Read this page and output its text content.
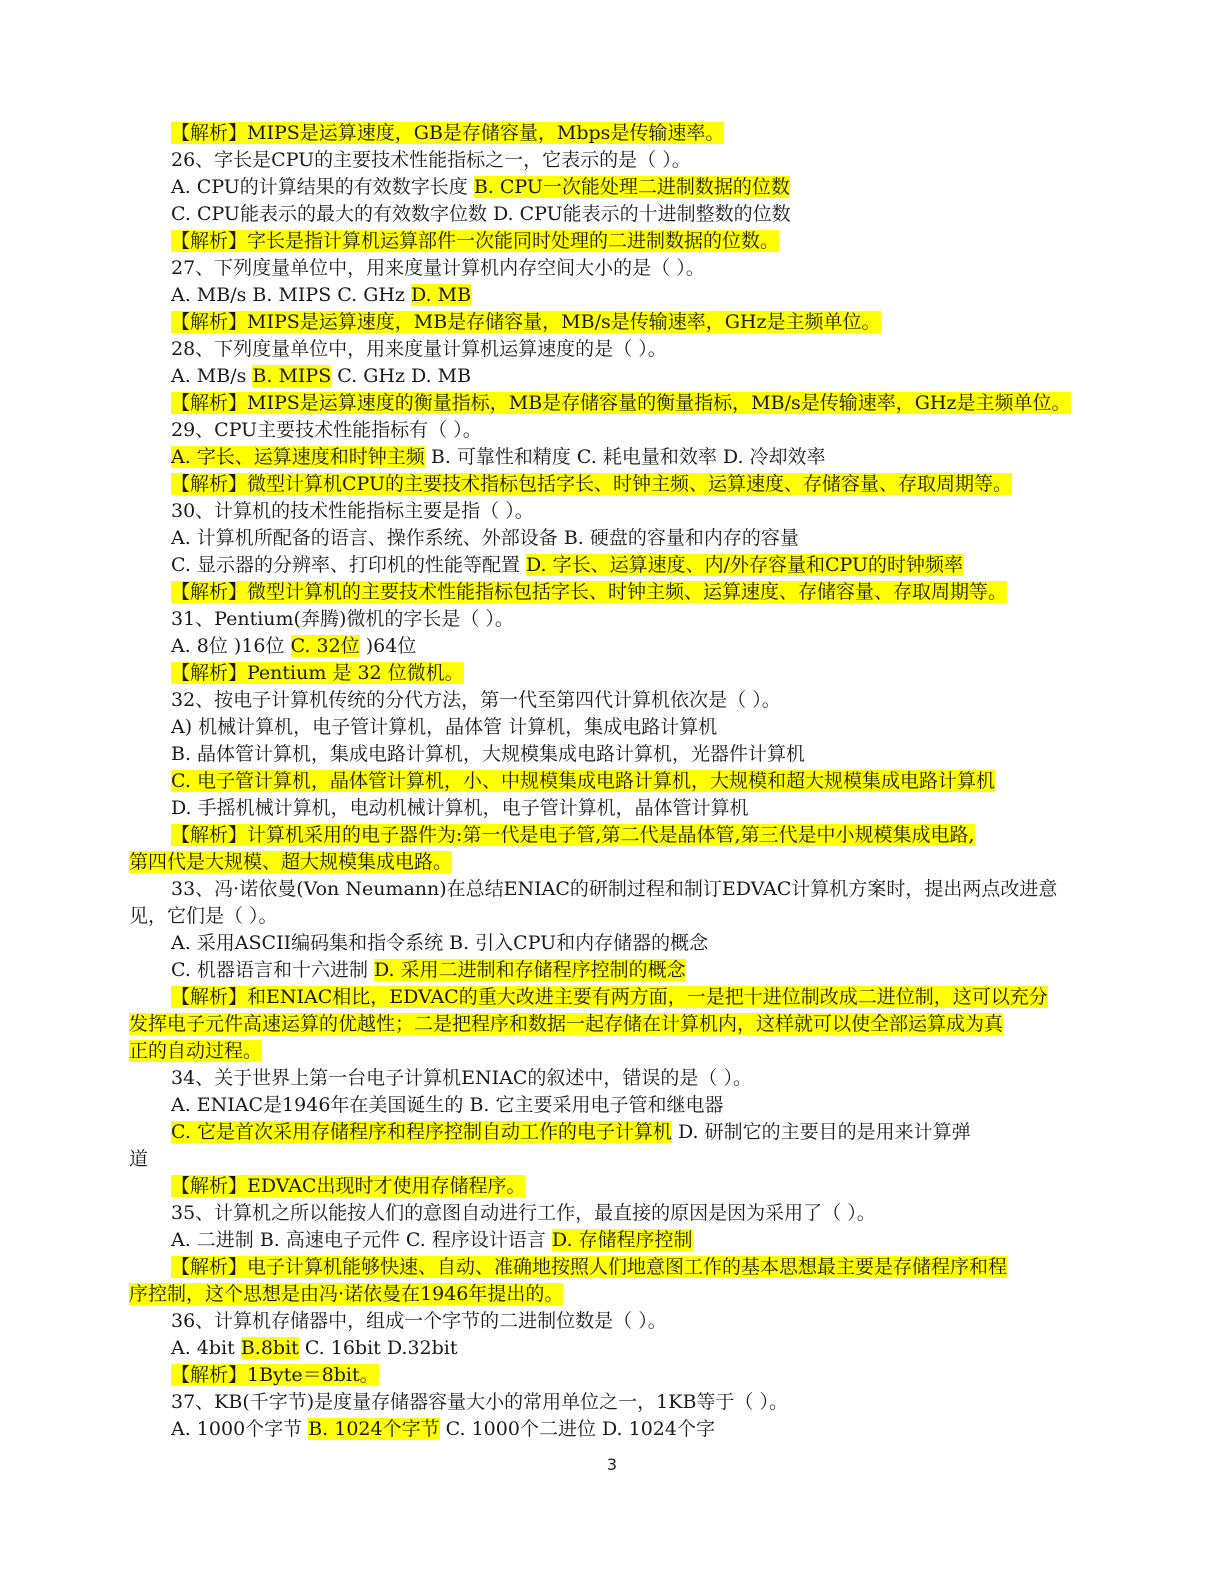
【解析】MIPS是运算速度，GB是存储容量，Mbps是传输速率。
26、字长是CPU的主要技术性能指标之一，它表示的是（ ）。
A. CPU的计算结果的有效数字长度 B. CPU一次能处理二进制数据的位数
C. CPU能表示的最大的有效数字位数 D. CPU能表示的十进制整数的位数
【解析】字长是指计算机运算部件一次能同时处理的二进制数据的位数。
27、下列度量单位中，用来度量计算机内存空间大小的是（ ）。
A. MB/s B. MIPS C. GHz D. MB
【解析】MIPS是运算速度，MB是存储容量，MB/s是传输速率，GHz是主频单位。
28、下列度量单位中，用来度量计算机运算速度的是（ ）。
A. MB/s B. MIPS C. GHz D. MB
【解析】MIPS是运算速度的衡量指标，MB是存储容量的衡量指标，MB/s是传输速率，GHz是主频单位。
29、CPU主要技术性能指标有（ ）。
A. 字长、运算速度和时钟主频 B. 可靠性和精度 C. 耗电量和效率 D. 冷却效率
【解析】微型计算机CPU的主要技术指标包括字长、时钟主频、运算速度、存储容量、存取周期等。
30、计算机的技术性能指标主要是指（ ）。
A. 计算机所配备的语言、操作系统、外部设备 B. 硬盘的容量和内存的容量
C. 显示器的分辨率、打印机的性能等配置 D. 字长、运算速度、内/外存容量和CPU的时钟频率
【解析】微型计算机的主要技术性能指标包括字长、时钟主频、运算速度、存储容量、存取周期等。
31、Pentium(奔腾)微机的字长是（ ）。
A. 8位 )16位 C. 32位 )64位
【解析】Pentium 是 32 位微机。
32、按电子计算机传统的分代方法，第一代至第四代计算机依次是（ ）。
A) 机械计算机，电子管计算机，晶体管 计算机，集成电路计算机
B. 晶体管计算机，集成电路计算机，大规模集成电路计算机，光器件计算机
C. 电子管计算机，晶体管计算机，小、中规模集成电路计算机，大规模和超大规模集成电路计算机
D. 手摇机械计算机，电动机械计算机，电子管计算机，晶体管计算机
【解析】计算机采用的电子器件为:第一代是电子管,第二代是晶体管,第三代是中小规模集成电路,
第四代是大规模、超大规模集成电路。
33、冯·诺依曼(Von Neumann)在总结ENIAC的研制过程和制订EDVAC计算机方案时，提出两点改进意
见，它们是（ ）。
A. 采用ASCII编码集和指令系统 B. 引入CPU和内存储器的概念
C. 机器语言和十六进制 D. 采用二进制和存储程序控制的概念
【解析】和ENIAC相比，EDVAC的重大改进主要有两方面，一是把十进位制改成二进位制，这可以充分
发挥电子元件高速运算的优越性；二是把程序和数据一起存储在计算机内，这样就可以使全部运算成为真
正的自动过程。
34、关于世界上第一台电子计算机ENIAC的叙述中，错误的是（ ）。
A. ENIAC是1946年在美国诞生的 B. 它主要采用电子管和继电器
C. 它是首次采用存储程序和程序控制自动工作的电子计算机 D. 研制它的主要目的是用来计算弹
道
【解析】EDVAC出现时才使用存储程序。
35、计算机之所以能按人们的意图自动进行工作，最直接的原因是因为采用了（ ）。
A. 二进制 B. 高速电子元件 C. 程序设计语言 D. 存储程序控制
【解析】电子计算机能够快速、自动、准确地按照人们地意图工作的基本思想最主要是存储程序和程
序控制，这个思想是由冯·诺依曼在1946年提出的。
36、计算机存储器中，组成一个字节的二进制位数是（ ）。
A. 4bit B.8bit C. 16bit D.32bit
【解析】1Byte＝8bit。
37、KB(千字节)是度量存储器容量大小的常用单位之一，1KB等于（ ）。
A. 1000个字节 B. 1024个字节 C. 1000个二进位 D. 1024个字
3
